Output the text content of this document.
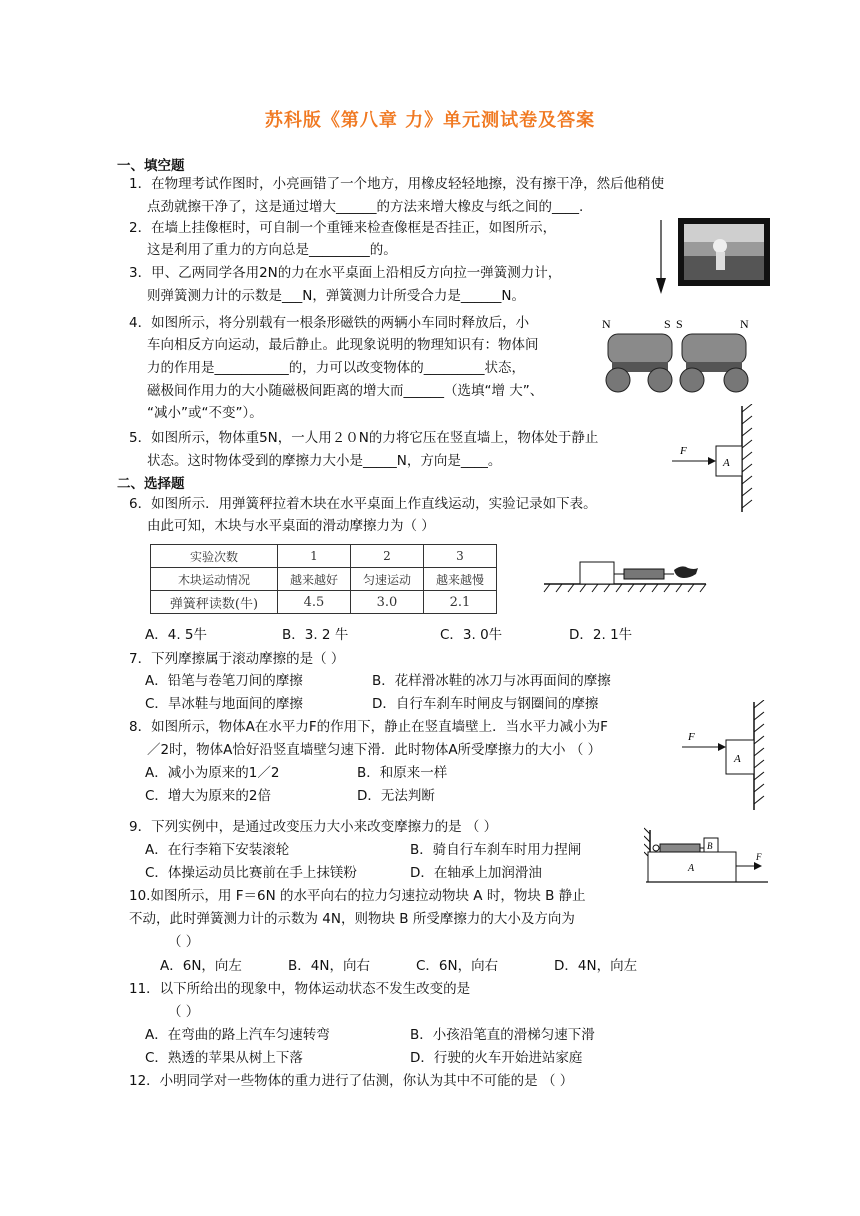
苏科版《第八章 力》单元测试卷及答案
一、填空题
1．在物理考试作图时，小亮画错了一个地方，用橡皮轻轻地擦，没有擦干净，然后他稍使
点劲就擦干净了，这是通过增大______的方法来增大橡皮与纸之间的____.
2．在墙上挂像框时，可自制一个重锤来检查像框是否挂正，如图所示，
这是利用了重力的方向总是_________的。
3．甲、乙两同学各用2N的力在水平桌面上沿相反方向拉一弹簧测力计，
则弹簧测力计的示数是___N，弹簧测力计所受合力是______N。
4．如图所示，将分别载有一根条形磁铁的两辆小车同时释放后，小
车向相反方向运动，最后静止。此现象说明的物理知识有：物体间
力的作用是___________的，力可以改变物体的_________状态，
磁极间作用力的大小随磁极间距离的增大而______（选填“增 大”、
“减小”或“不变”）。
5．如图所示，物体重5N，一人用２０N的力将它压在竖直墙上，物体处于静止
状态。这时物体受到的摩擦力大小是_____N，方向是____。
二、选择题
6．如图所示．用弹簧秤拉着木块在水平桌面上作直线运动，实验记录如下表。
由此可知，木块与水平桌面的滑动摩擦力为（ ）
实验次数	1	2	3
木块运动情况	越来越好	匀速运动	越来越慢
弹簧秤读数(牛)	4.5	3.0	2.1
A．4. 5牛	B．3. 2 牛	C．3. 0牛	D．2. 1牛
7．下列摩擦属于滚动摩擦的是（ ）
A．铅笔与卷笔刀间的摩擦	B．花样滑冰鞋的冰刀与冰再面间的摩擦
C．旱冰鞋与地面间的摩擦	D．自行车刹车时闸皮与钢圈间的摩擦
8．如图所示，物体A在水平力F的作用下，静止在竖直墙壁上．当水平力减小为F
／2时，物体A恰好沿竖直墙壁匀速下滑．此时物体A所受摩擦力的大小 （ ）
A．减小为原来的1／2	B．和原来一样
C．增大为原来的2倍	D．无法判断
9．下列实例中，是通过改变压力大小来改变摩擦力的是 （ ）
A．在行李箱下安装滚轮	B．骑自行车刹车时用力捏闸
C．体操运动员比赛前在手上抹镁粉	D．在轴承上加润滑油
10.如图所示，用 F＝6N 的水平向右的拉力匀速拉动物块 A 时，物块 B 静止
不动，此时弹簧测力计的示数为 4N，则物块 B 所受摩擦力的大小及方向为
（ ）
A．6N，向左	B．4N，向右	C．6N，向右	D．4N，向左
11．以下所给出的现象中，物体运动状态不发生改变的是
（ ）
A．在弯曲的路上汽车匀速转弯	B．小孩沿笔直的滑梯匀速下滑
C．熟透的苹果从树上下落	D．行驶的火车开始进站家庭
12．小明同学对一些物体的重力进行了估测，你认为其中不可能的是 （ ）
N	S S	N
A
F
A
F
B
A
F
